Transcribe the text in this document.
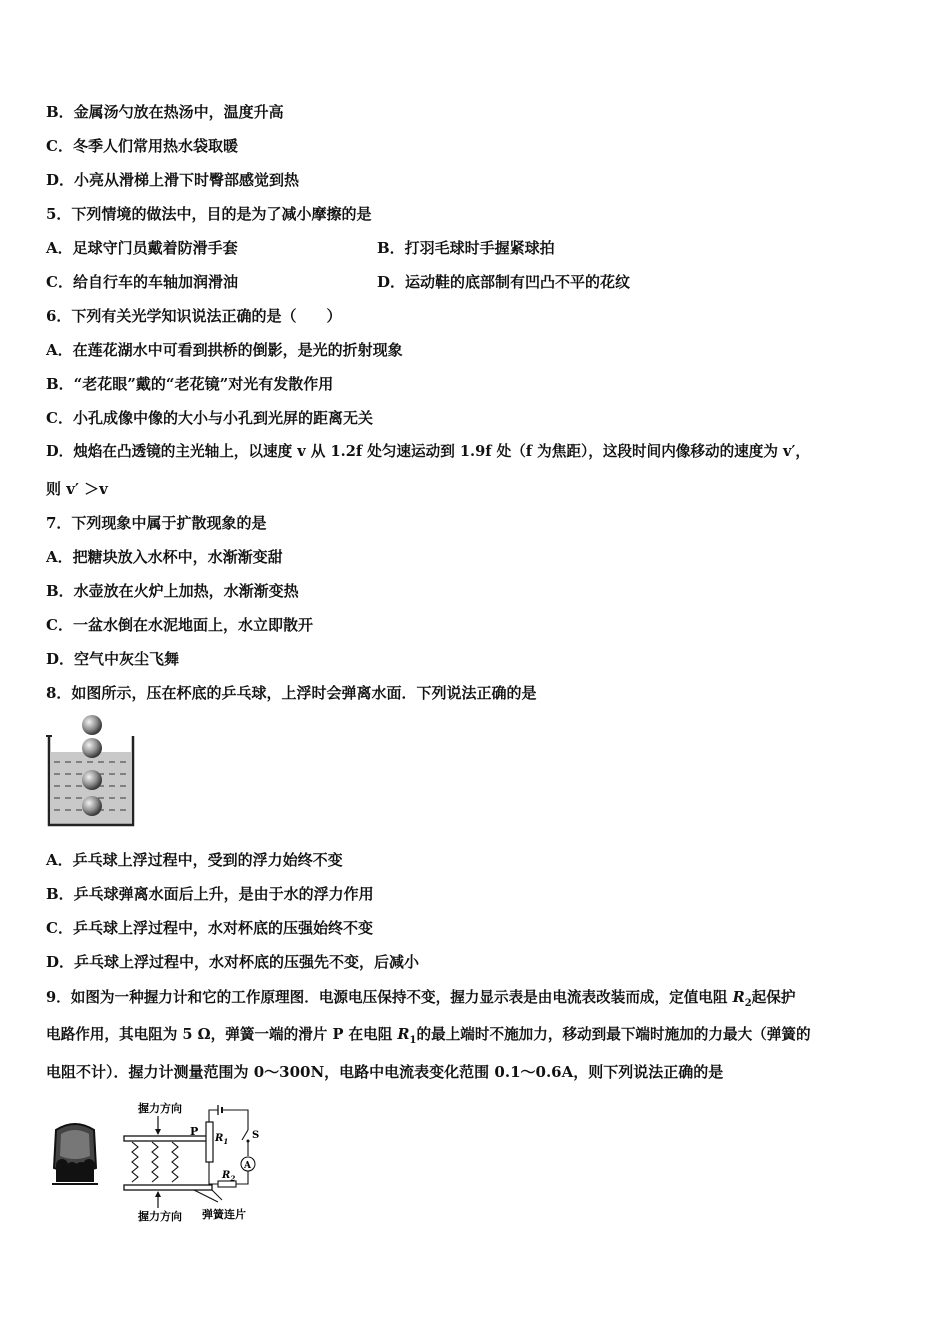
B．金属汤勺放在热汤中，温度升高
C．冬季人们常用热水袋取暖
D．小亮从滑梯上滑下时臀部感觉到热
5．下列情境的做法中，目的是为了减小摩擦的是
A．足球守门员戴着防滑手套	B．打羽毛球时手握紧球拍
C．给自行车的车轴加润滑油	D．运动鞋的底部制有凹凸不平的花纹
6．下列有关光学知识说法正确的是（　　）
A．在莲花湖水中可看到拱桥的倒影，是光的折射现象
B．“老花眼”戴的“老花镜”对光有发散作用
C．小孔成像中像的大小与小孔到光屏的距离无关
D．烛焰在凸透镜的主光轴上，以速度 v 从 1.2f 处匀速运动到 1.9f 处（f 为焦距），这段时间内像移动的速度为 v′，
则 v′ ＞v
7．下列现象中属于扩散现象的是
A．把糖块放入水杯中，水渐渐变甜
B．水壶放在火炉上加热，水渐渐变热
C．一盆水倒在水泥地面上，水立即散开
D．空气中灰尘飞舞
8．如图所示，压在杯底的乒乓球，上浮时会弹离水面．下列说法正确的是
A．乒乓球上浮过程中，受到的浮力始终不变
B．乒乓球弹离水面后上升，是由于水的浮力作用
C．乒乓球上浮过程中，水对杯底的压强始终不变
D．乒乓球上浮过程中，水对杯底的压强先不变，后减小
9．如图为一种握力计和它的工作原理图．电源电压保持不变，握力显示表是由电流表改装而成，定值电阻 $R_2$起保护
电路作用，其电阻为 5 Ω，弹簧一端的滑片 P 在电阻 $R_1$的最上端时不施加力，移动到最下端时施加的力最大（弹簧的
电阻不计）．握力计测量范围为 0～300N，电路中电流表变化范围 0.1～0.6A，则下列说法正确的是
握力方向
P
$R_1$
S
A
$R_2$
握力方向 弹簧连片
